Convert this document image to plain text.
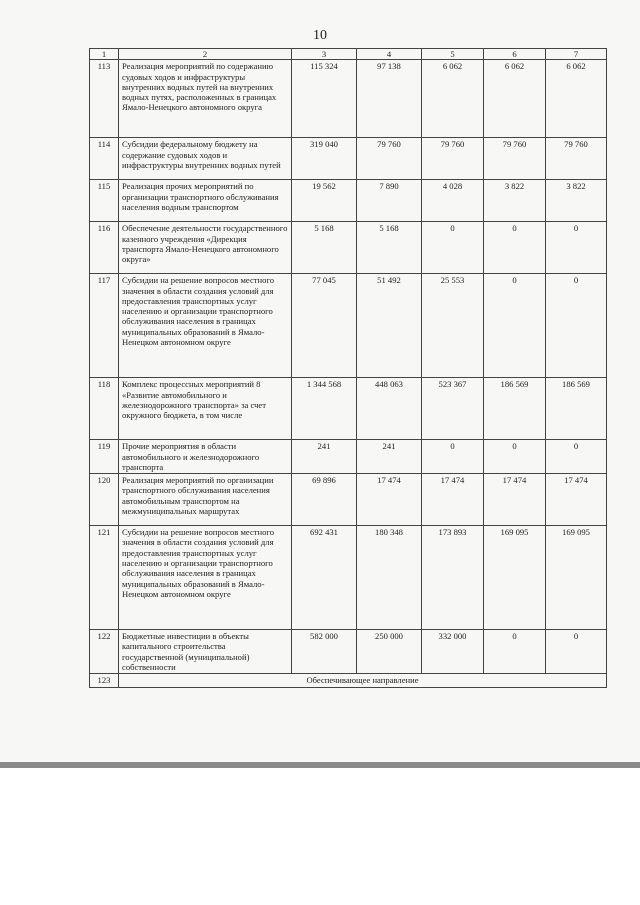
10
1	2	3	4	5	6	7
113	Реализация мероприятий по содержанию судовых ходов и инфраструктуры внутренних водных путей на внутренних водных путях, расположенных в границах Ямало-Ненецкого автономного округа	115 324	97 138	6 062	6 062	6 062
114	Субсидии федеральному бюджету на содержание судовых ходов и инфраструктуры внутренних водных путей	319 040	79 760	79 760	79 760	79 760
115	Реализация прочих мероприятий по организации транспортного обслуживания населения водным транспортом	19 562	7 890	4 028	3 822	3 822
116	Обеспечение деятельности государственного казенного учреждения «Дирекция транспорта Ямало-Ненецкого автономного округа»	5 168	5 168	0	0	0
117	Субсидии на решение вопросов местного значения в области создания условий для предоставления транспортных услуг населению и организации транспортного обслуживания населения в границах муниципальных образований в Ямало-Ненецком автономном округе	77 045	51 492	25 553	0	0
118	Комплекс процессных мероприятий 8 «Развитие автомобильного и железнодорожного транспорта» за счет окружного бюджета, в том числе	1 344 568	448 063	523 367	186 569	186 569
119	Прочие мероприятия в области автомобильного и железнодорожного транспорта	241	241	0	0	0
120	Реализация мероприятий по организации транспортного обслуживания населения автомобильным транспортом на межмуниципальных маршрутах	69 896	17 474	17 474	17 474	17 474
121	Субсидии на решение вопросов местного значения в области создания условий для предоставления транспортных услуг населению и организации транспортного обслуживания населения в границах муниципальных образований в Ямало-Ненецком автономном округе	692 431	180 348	173 893	169 095	169 095
122	Бюджетные инвестиции в объекты капитального строительства государственной (муниципальной) собственности	582 000	250 000	332 000	0	0
123	Обеспечивающее направление					
